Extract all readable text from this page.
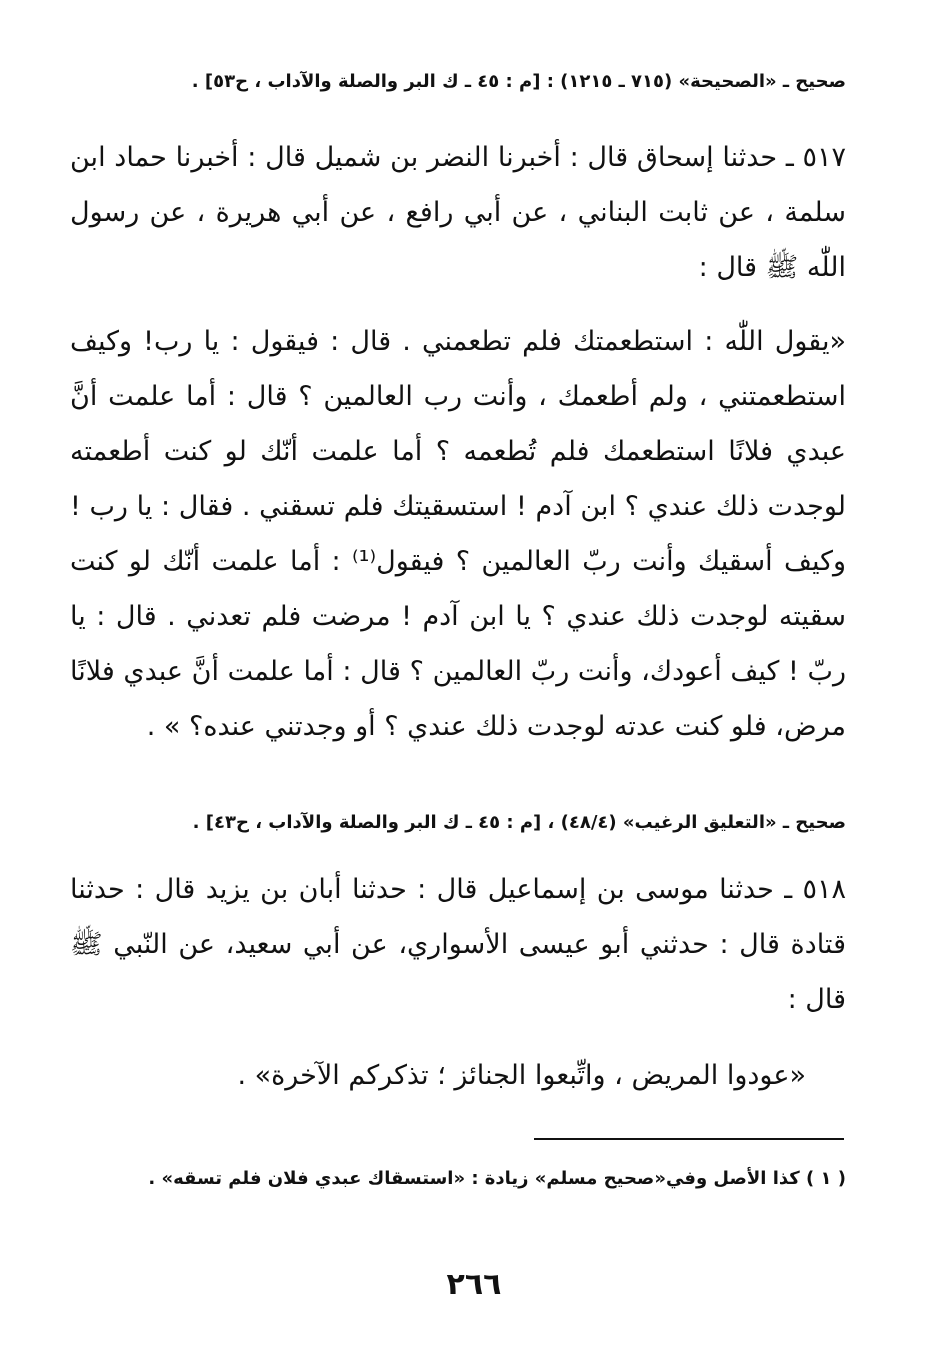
صحيح ـ «الصحيحة» (٧١٥ ـ ١٢١٥) : [م : ٤٥ ـ ك البر والصلة والآداب ، ح٥٣] .
٥١٧ ـ حدثنا إسحاق قال : أخبرنا النضر بن شميل قال : أخبرنا حماد ابن سلمة ، عن ثابت البناني ، عن أبي رافع ، عن أبي هريرة ، عن رسول اللّٰه ﷺ قال :
«يقول اللّٰه : استطعمتك فلم تطعمني . قال : فيقول : يا رب! وكيف استطعمتني ، ولم أطعمك ، وأنت رب العالمين ؟ قال : أما علمت أنَّ عبدي فلانًا استطعمك فلم تُطعمه ؟ أما علمت أنّك لو كنت أطعمته لوجدت ذلك عندي ؟ ابن آدم ! استسقيتك فلم تسقني . فقال : يا رب ! وكيف أسقيك وأنت ربّ العالمين ؟ فيقول⁽¹⁾ : أما علمت أنّك لو كنت سقيته لوجدت ذلك عندي ؟ يا ابن آدم ! مرضت فلم تعدني . قال : يا ربّ ! كيف أعودك، وأنت ربّ العالمين ؟ قال : أما علمت أنَّ عبدي فلانًا مرض، فلو كنت عدته لوجدت ذلك عندي ؟ أو وجدتني عنده؟ » .
صحيح ـ «التعليق الرغيب» (٤٨/٤) ، [م : ٤٥ ـ ك البر والصلة والآداب ، ح٤٣] .
٥١٨ ـ حدثنا موسى بن إسماعيل قال : حدثنا أبان بن يزيد قال : حدثنا قتادة قال : حدثني أبو عيسى الأسواري، عن أبي سعيد، عن النّبي ﷺ قال :
«عودوا المريض ، واتِّبعوا الجنائز ؛ تذكركم الآخرة» .
( ١ ) كذا الأصل وفي«صحيح مسلم» زيادة : «استسقاك عبدي فلان فلم تسقه» .
٢٦٦
